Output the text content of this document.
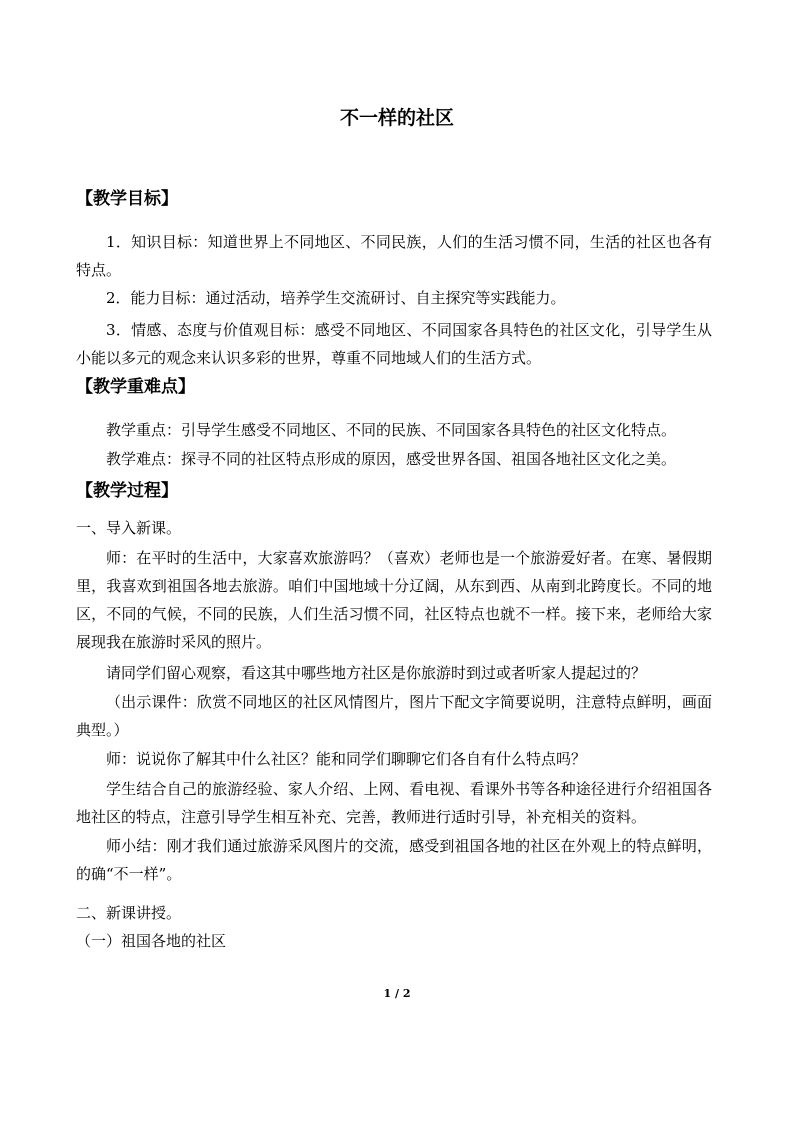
不一样的社区
【教学目标】
1．知识目标：知道世界上不同地区、不同民族，人们的生活习惯不同，生活的社区也各有特点。
2．能力目标：通过活动，培养学生交流研讨、自主探究等实践能力。
3．情感、态度与价值观目标：感受不同地区、不同国家各具特色的社区文化，引导学生从小能以多元的观念来认识多彩的世界，尊重不同地域人们的生活方式。
【教学重难点】
教学重点：引导学生感受不同地区、不同的民族、不同国家各具特色的社区文化特点。
教学难点：探寻不同的社区特点形成的原因，感受世界各国、祖国各地社区文化之美。
【教学过程】
一、导入新课。
师：在平时的生活中，大家喜欢旅游吗？（喜欢）老师也是一个旅游爱好者。在寒、暑假期里，我喜欢到祖国各地去旅游。咱们中国地域十分辽阔，从东到西、从南到北跨度长。不同的地区，不同的气候，不同的民族，人们生活习惯不同，社区特点也就不一样。接下来，老师给大家展现我在旅游时采风的照片。
请同学们留心观察，看这其中哪些地方社区是你旅游时到过或者听家人提起过的？
（出示课件：欣赏不同地区的社区风情图片，图片下配文字简要说明，注意特点鲜明，画面典型。）
师：说说你了解其中什么社区？能和同学们聊聊它们各自有什么特点吗？
学生结合自己的旅游经验、家人介绍、上网、看电视、看课外书等各种途径进行介绍祖国各地社区的特点，注意引导学生相互补充、完善，教师进行适时引导，补充相关的资料。
师小结：刚才我们通过旅游采风图片的交流，感受到祖国各地的社区在外观上的特点鲜明，的确“不一样”。
二、新课讲授。
（一）祖国各地的社区
1 / 2
